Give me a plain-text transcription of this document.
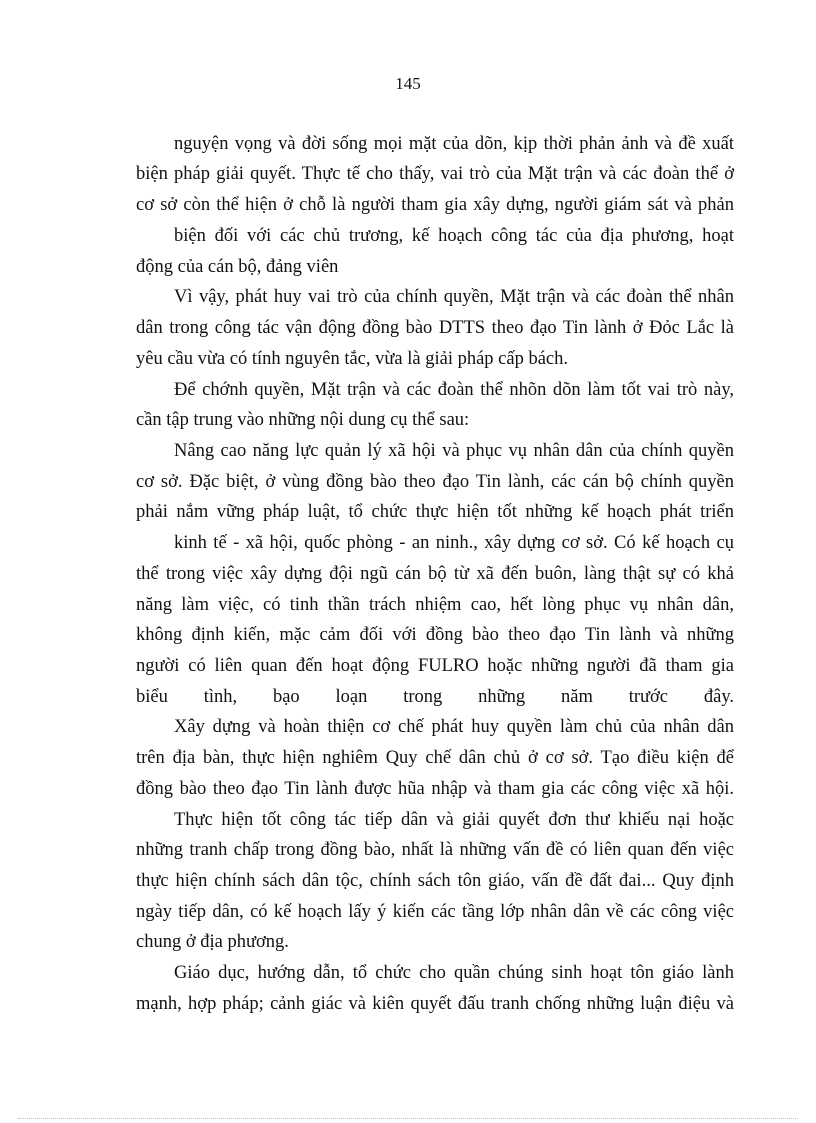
145
nguyện vọng và đời sống mọi mặt của dõn, kịp thời phản ảnh và đề xuất
biện pháp giải quyết. Thực tế cho thấy, vai trò của Mặt trận và các đoàn thể ở
cơ sở còn thể hiện ở chỗ là người tham gia xây dựng, người giám sát và phản
biện đối với các chủ trương, kế hoạch công tác của địa phương, hoạt
động của cán bộ, đảng viên
Vì vậy, phát huy vai trò của chính quyền, Mặt trận và các đoàn thể nhân
dân trong công tác vận động đồng bào DTTS theo đạo Tin lành ở Đỏc Lắc là
yêu cầu vừa có tính nguyên tắc, vừa là giải pháp cấp bách.
Để chớnh quyền, Mặt trận và các đoàn thể nhõn dõn làm tốt vai trò này,
cần tập trung vào những nội dung cụ thể sau:
Nâng cao năng lực quản lý xã hội và phục vụ nhân dân của chính quyền
cơ sở. Đặc biệt, ở vùng đồng bào theo đạo Tin lành, các cán bộ chính quyền
phải nắm vững pháp luật, tổ chức thực hiện tốt những kế hoạch phát triển
kinh tế - xã hội, quốc phòng - an ninh., xây dựng cơ sở. Có kế hoạch cụ
thể trong việc xây dựng đội ngũ cán bộ từ xã đến buôn, làng thật sự có khả
năng làm việc, có tinh thần trách nhiệm cao, hết lòng phục vụ nhân dân,
không định kiến, mặc cảm đối với đồng bào theo đạo Tin lành và những
người có liên quan đến hoạt động FULRO hoặc những người đã tham gia
biểu tình, bạo loạn trong những năm trước đây.
Xây dựng và hoàn thiện cơ chế phát huy quyền làm chủ của nhân dân
trên địa bàn, thực hiện nghiêm Quy chế dân chủ ở cơ sở. Tạo điều kiện để
đồng bào theo đạo Tin lành được hũa nhập và tham gia các công việc xã hội.
Thực hiện tốt công tác tiếp dân và giải quyết đơn thư khiếu nại hoặc
những tranh chấp trong đồng bào, nhất là những vấn đề có liên quan đến việc
thực hiện chính sách dân tộc, chính sách tôn giáo, vấn đề đất đai... Quy định
ngày tiếp dân, có kế hoạch lấy ý kiến các tầng lớp nhân dân về các công việc
chung ở địa phương.
Giáo dục, hướng dẫn, tổ chức cho quần chúng sinh hoạt tôn giáo lành
mạnh, hợp pháp; cảnh giác và kiên quyết đấu tranh chống những luận điệu và
